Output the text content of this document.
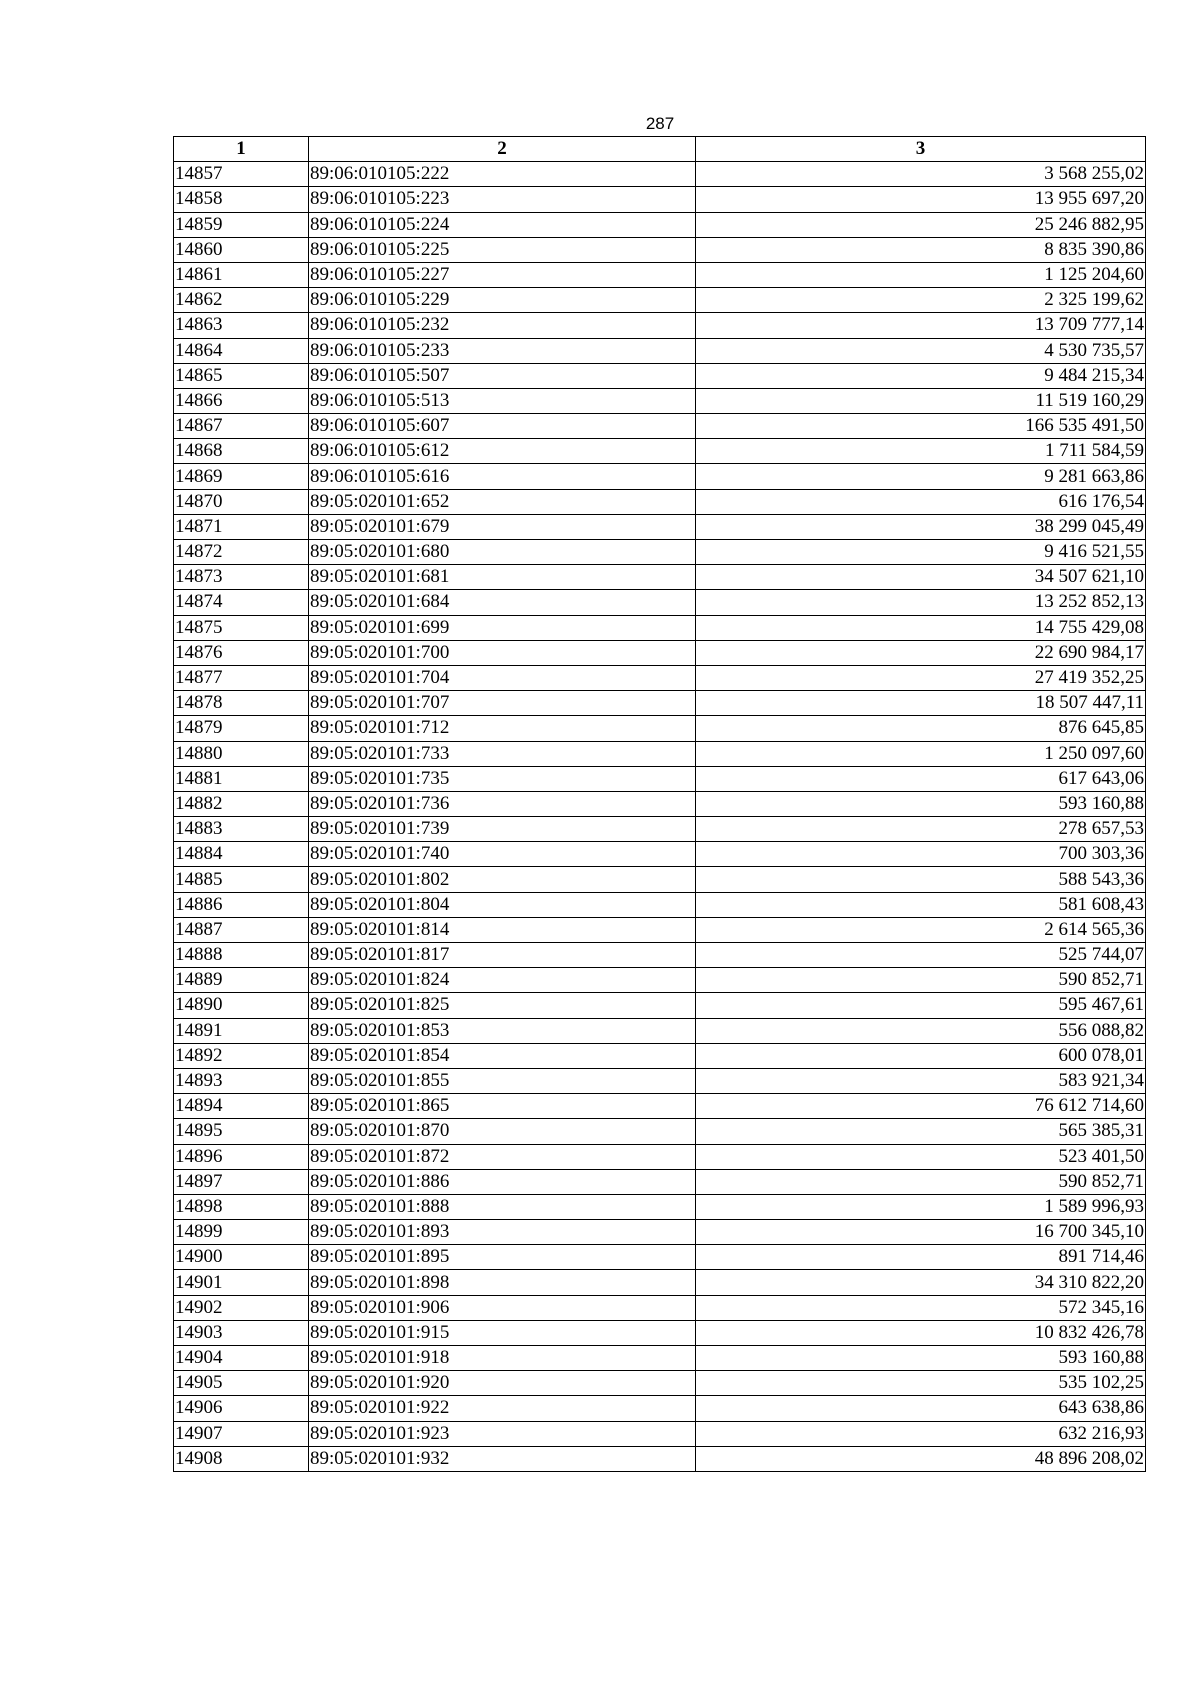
287
1	2	3
14857	89:06:010105:222	3 568 255,02
14858	89:06:010105:223	13 955 697,20
14859	89:06:010105:224	25 246 882,95
14860	89:06:010105:225	8 835 390,86
14861	89:06:010105:227	1 125 204,60
14862	89:06:010105:229	2 325 199,62
14863	89:06:010105:232	13 709 777,14
14864	89:06:010105:233	4 530 735,57
14865	89:06:010105:507	9 484 215,34
14866	89:06:010105:513	11 519 160,29
14867	89:06:010105:607	166 535 491,50
14868	89:06:010105:612	1 711 584,59
14869	89:06:010105:616	9 281 663,86
14870	89:05:020101:652	616 176,54
14871	89:05:020101:679	38 299 045,49
14872	89:05:020101:680	9 416 521,55
14873	89:05:020101:681	34 507 621,10
14874	89:05:020101:684	13 252 852,13
14875	89:05:020101:699	14 755 429,08
14876	89:05:020101:700	22 690 984,17
14877	89:05:020101:704	27 419 352,25
14878	89:05:020101:707	18 507 447,11
14879	89:05:020101:712	876 645,85
14880	89:05:020101:733	1 250 097,60
14881	89:05:020101:735	617 643,06
14882	89:05:020101:736	593 160,88
14883	89:05:020101:739	278 657,53
14884	89:05:020101:740	700 303,36
14885	89:05:020101:802	588 543,36
14886	89:05:020101:804	581 608,43
14887	89:05:020101:814	2 614 565,36
14888	89:05:020101:817	525 744,07
14889	89:05:020101:824	590 852,71
14890	89:05:020101:825	595 467,61
14891	89:05:020101:853	556 088,82
14892	89:05:020101:854	600 078,01
14893	89:05:020101:855	583 921,34
14894	89:05:020101:865	76 612 714,60
14895	89:05:020101:870	565 385,31
14896	89:05:020101:872	523 401,50
14897	89:05:020101:886	590 852,71
14898	89:05:020101:888	1 589 996,93
14899	89:05:020101:893	16 700 345,10
14900	89:05:020101:895	891 714,46
14901	89:05:020101:898	34 310 822,20
14902	89:05:020101:906	572 345,16
14903	89:05:020101:915	10 832 426,78
14904	89:05:020101:918	593 160,88
14905	89:05:020101:920	535 102,25
14906	89:05:020101:922	643 638,86
14907	89:05:020101:923	632 216,93
14908	89:05:020101:932	48 896 208,02
